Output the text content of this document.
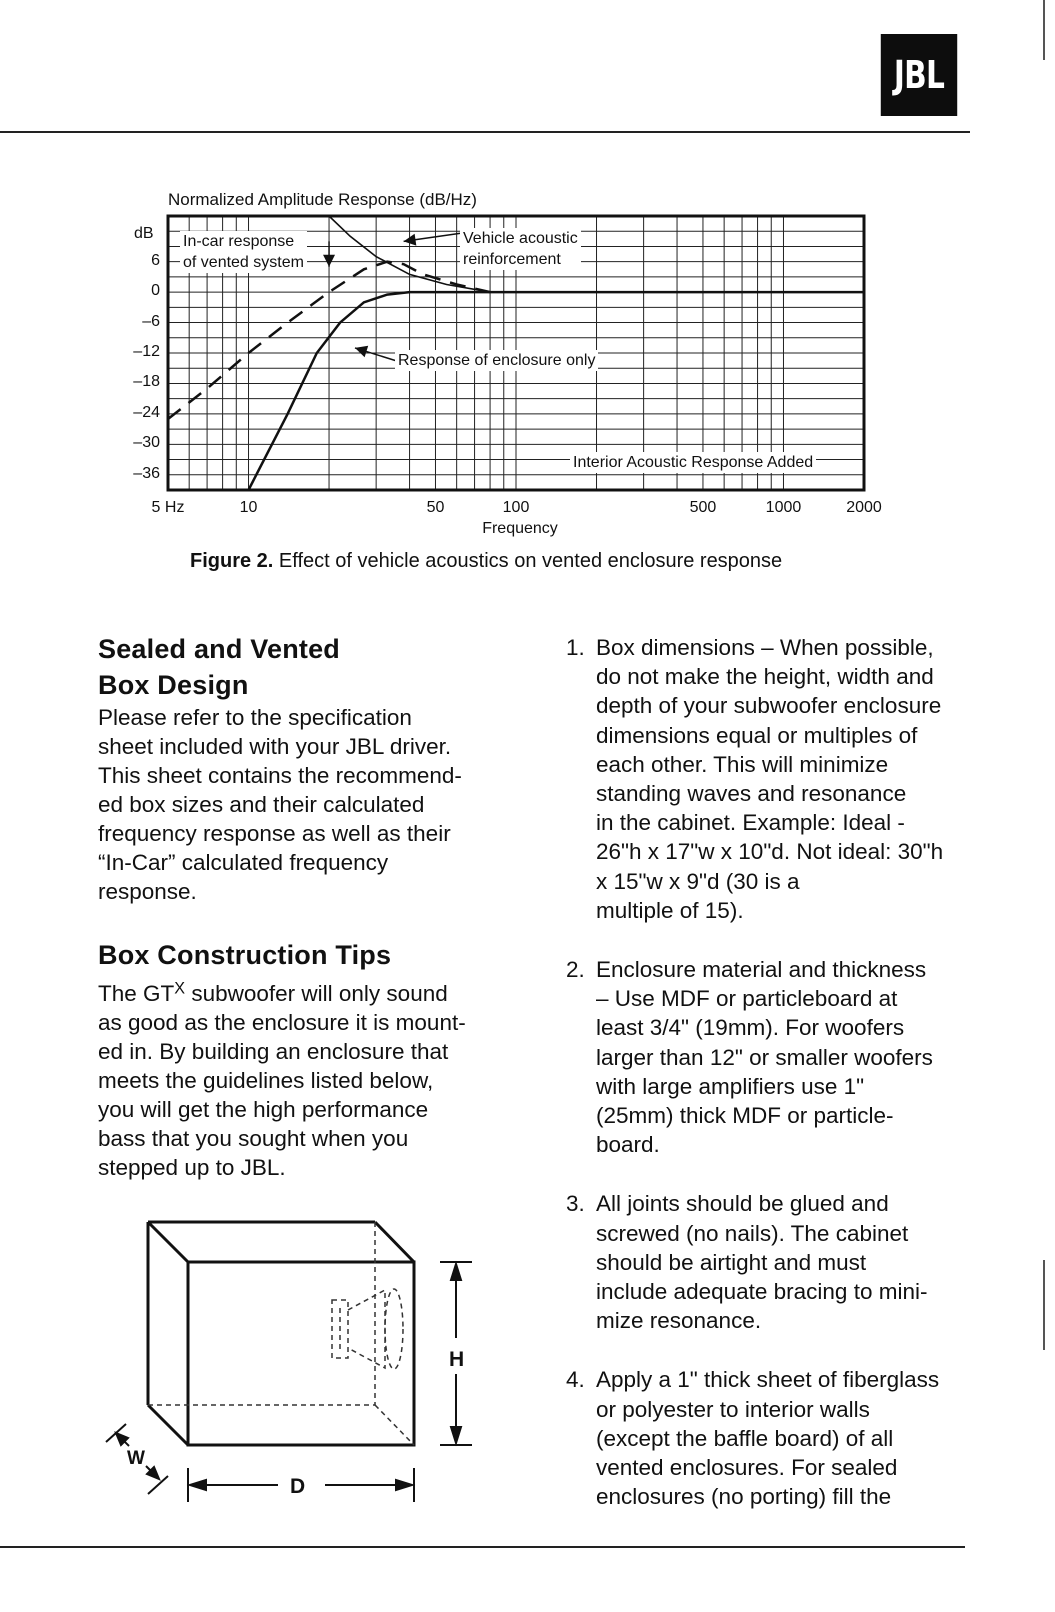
JBL
Normalized Amplitude Response (dB/Hz)
dB
6
0
–6
–12
–18
–24
–30
–36
5 Hz	10	50	100	500	1000	2000
Frequency
In-car response
of vented system
Vehicle acoustic
reinforcement
Response of enclosure only
Interior Acoustic Response Added
Figure 2. Effect of vehicle acoustics on vented enclosure response
Sealed and Vented
Box Design
Please refer to the specification
sheet included with your JBL driver.
This sheet contains the recommend-
ed box sizes and their calculated
frequency response as well as their
“In-Car” calculated frequency
response.
Box Construction Tips
The $GT^X$ subwoofer will only sound
as good as the enclosure it is mount-
ed in. By building an enclosure that
meets the guidelines listed below,
you will get the high performance
bass that you sought when you
stepped up to JBL.
H
D
W
1. Box dimensions – When possible,
do not make the height, width and
depth of your subwoofer enclosure
dimensions equal or multiples of
each other. This will minimize
standing waves and resonance
in the cabinet. Example: Ideal -
26"h x 17"w x 10"d. Not ideal: 30"h
x 15"w x 9"d (30 is a
multiple of 15).
2. Enclosure material and thickness
– Use MDF or particleboard at
least 3/4" (19mm). For woofers
larger than 12" or smaller woofers
with large amplifiers use 1"
(25mm) thick MDF or particle-
board.
3. All joints should be glued and
screwed (no nails). The cabinet
should be airtight and must
include adequate bracing to mini-
mize resonance.
4. Apply a 1" thick sheet of fiberglass
or polyester to interior walls
(except the baffle board) of all
vented enclosures. For sealed
enclosures (no porting) fill the
